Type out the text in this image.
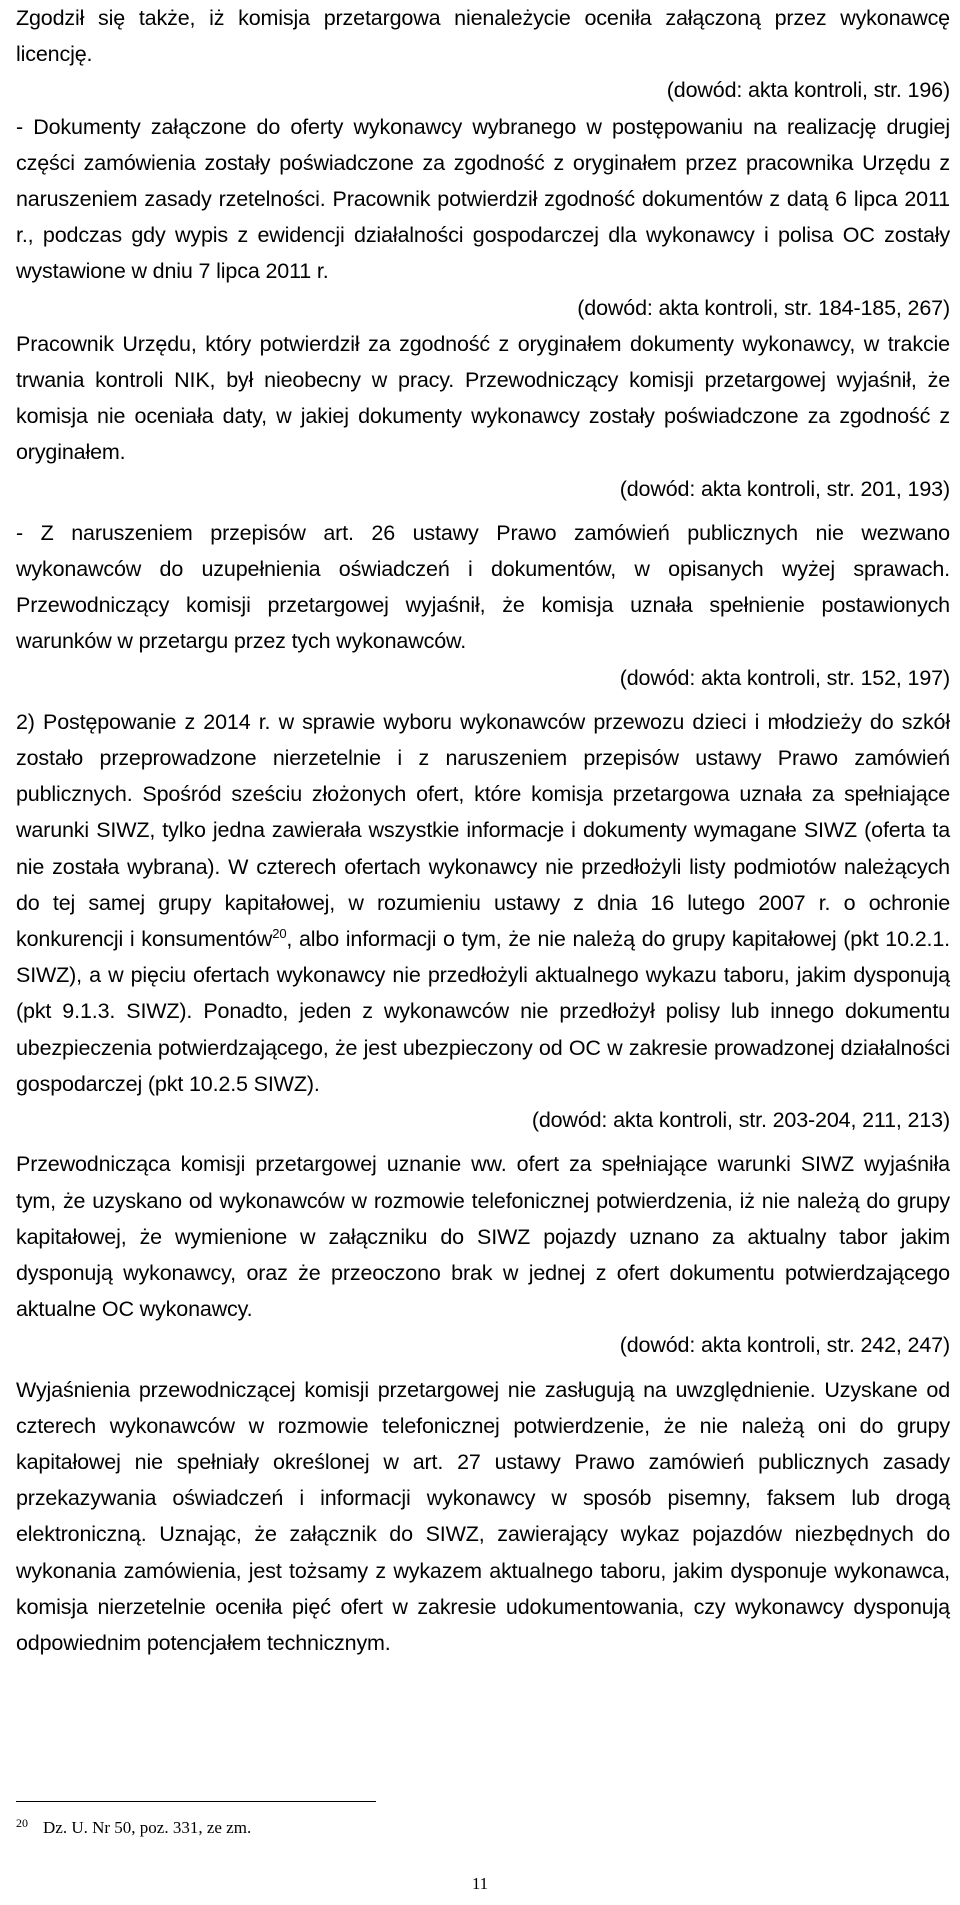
Zgodził się także, iż komisja przetargowa nienależycie oceniła załączoną przez wykonawcę licencję.

(dowód: akta kontroli, str. 196)

- Dokumenty załączone do oferty wykonawcy wybranego w postępowaniu na realizację drugiej części zamówienia zostały poświadczone za zgodność z oryginałem przez pracownika Urzędu z naruszeniem zasady rzetelności. Pracownik potwierdził zgodność dokumentów z datą 6 lipca 2011 r., podczas gdy wypis z ewidencji działalności gospodarczej dla wykonawcy i polisa OC zostały wystawione w dniu 7 lipca 2011 r.

(dowód: akta kontroli, str. 184-185, 267)

Pracownik Urzędu, który potwierdził za zgodność z oryginałem dokumenty wykonawcy, w trakcie trwania kontroli NIK, był nieobecny w pracy. Przewodniczący komisji przetargowej wyjaśnił, że komisja nie oceniała daty, w jakiej dokumenty wykonawcy zostały poświadczone za zgodność z oryginałem.

(dowód: akta kontroli, str. 201, 193)

- Z naruszeniem przepisów art. 26 ustawy Prawo zamówień publicznych nie wezwano wykonawców do uzupełnienia oświadczeń i dokumentów, w opisanych wyżej sprawach. Przewodniczący komisji przetargowej wyjaśnił, że komisja uznała spełnienie postawionych warunków w przetargu przez tych wykonawców.

(dowód: akta kontroli, str. 152, 197)

2) Postępowanie z 2014 r. w sprawie wyboru wykonawców przewozu dzieci i młodzieży do szkół zostało przeprowadzone nierzetelnie i z naruszeniem przepisów ustawy Prawo zamówień publicznych. Spośród sześciu złożonych ofert, które komisja przetargowa uznała za spełniające warunki SIWZ, tylko jedna zawierała wszystkie informacje i dokumenty wymagane SIWZ (oferta ta nie została wybrana). W czterech ofertach wykonawcy nie przedłożyli listy podmiotów należących do tej samej grupy kapitałowej, w rozumieniu ustawy z dnia 16 lutego 2007 r. o ochronie konkurencji i konsumentów$^{20}$, albo informacji o tym, że nie należą do grupy kapitałowej (pkt 10.2.1. SIWZ), a w pięciu ofertach wykonawcy nie przedłożyli aktualnego wykazu taboru, jakim dysponują (pkt 9.1.3. SIWZ). Ponadto, jeden z wykonawców nie przedłożył polisy lub innego dokumentu ubezpieczenia potwierdzającego, że jest ubezpieczony od OC w zakresie prowadzonej działalności gospodarczej (pkt 10.2.5 SIWZ).

(dowód: akta kontroli, str. 203-204, 211, 213)

Przewodnicząca komisji przetargowej uznanie ww. ofert za spełniające warunki SIWZ wyjaśniła tym, że uzyskano od wykonawców w rozmowie telefonicznej potwierdzenia, iż nie należą do grupy kapitałowej, że wymienione w załączniku do SIWZ pojazdy uznano za aktualny tabor jakim dysponują wykonawcy, oraz że przeoczono brak w jednej z ofert dokumentu potwierdzającego aktualne OC wykonawcy.

(dowód: akta kontroli, str. 242, 247)

Wyjaśnienia przewodniczącej komisji przetargowej nie zasługują na uwzględnienie. Uzyskane od czterech wykonawców w rozmowie telefonicznej potwierdzenie, że nie należą oni do grupy kapitałowej nie spełniały określonej w art. 27 ustawy Prawo zamówień publicznych zasady przekazywania oświadczeń i informacji wykonawcy w sposób pisemny, faksem lub drogą elektroniczną. Uznając, że załącznik do SIWZ, zawierający wykaz pojazdów niezbędnych do wykonania zamówienia, jest tożsamy z wykazem aktualnego taboru, jakim dysponuje wykonawca, komisja nierzetelnie oceniła pięć ofert w zakresie udokumentowania, czy wykonawcy dysponują odpowiednim potencjałem technicznym.

20 Dz. U. Nr 50, poz. 331, ze zm.

11
